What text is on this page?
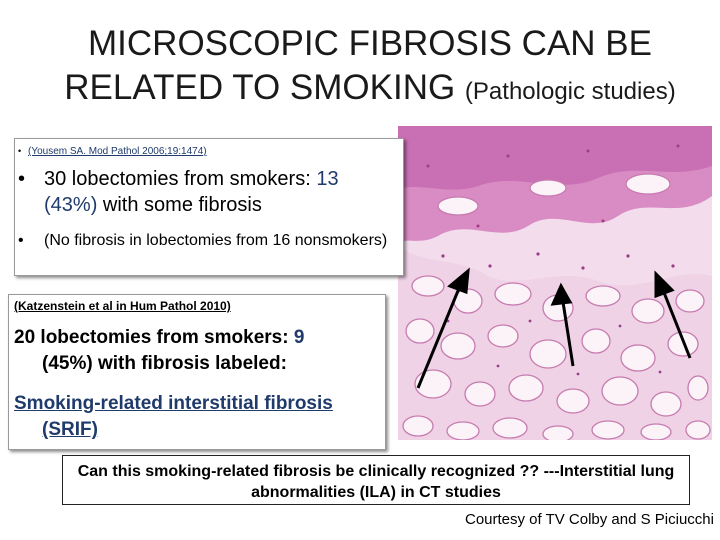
MICROSCOPIC FIBROSIS CAN BE
RELATED TO SMOKING (Pathologic studies)
• (Yousem SA. Mod Pathol 2006;19:1474)
• 30 lobectomies from smokers: 13 (43%) with some fibrosis
•	(No fibrosis in lobectomies from 16 nonsmokers)
(Katzenstein et al in Hum Pathol 2010)
20 lobectomies from smokers: 9
(45%) with fibrosis labeled:
Smoking-related interstitial fibrosis
(SRIF)
Can this smoking-related fibrosis be clinically recognized ?? ---Interstitial lung abnormalities (ILA) in CT studies
Courtesy of TV Colby and S Piciucchi
